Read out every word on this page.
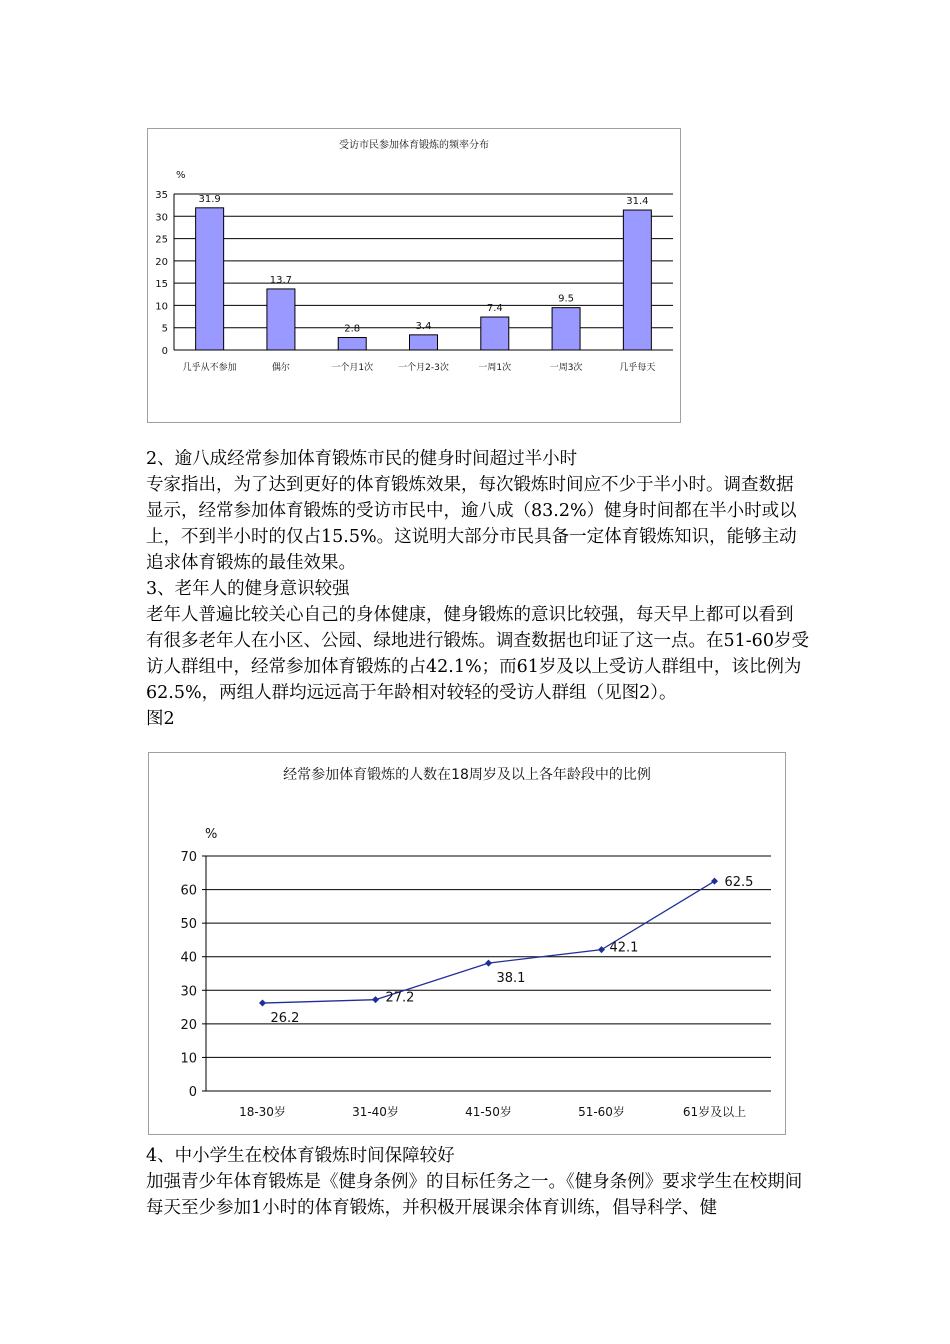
受访市民参加体育锻炼的频率分布
%
0
5
10
15
20
25
30
35	31.9
几乎从不参加
13.7
偶尔
2.8
一个月1次
3.4
一个月2-3次
7.4
一周1次
9.5
一周3次
31.4
几乎每天

2、逾八成经常参加体育锻炼市民的健身时间超过半小时

专家指出，为了达到更好的体育锻炼效果，每次锻炼时间应不少于半小时。调查数据显示，经常参加体育锻炼的受访市民中，逾八成（83.2%）健身时间都在半小时或以上，不到半小时的仅占15.5%。这说明大部分市民具备一定体育锻炼知识，能够主动追求体育锻炼的最佳效果。

3、老年人的健身意识较强

老年人普遍比较关心自己的身体健康，健身锻炼的意识比较强，每天早上都可以看到有很多老年人在小区、公园、绿地进行锻炼。调查数据也印证了这一点。在51-60岁受访人群组中，经常参加体育锻炼的占42.1%；而61岁及以上受访人群组中，该比例为62.5%，两组人群均远远高于年龄相对较轻的受访人群组（见图2）。

图2

经常参加体育锻炼的人数在18周岁及以上各年龄段中的比例
%
0
10
20
30
40
50
60
70
26.2
18-30岁
27.2
31-40岁
38.1
41-50岁
42.1
51-60岁
62.5
61岁及以上

4、中小学生在校体育锻炼时间保障较好

加强青少年体育锻炼是《健身条例》的目标任务之一。《健身条例》要求学生在校期间每天至少参加1小时的体育锻炼，并积极开展课余体育训练，倡导科学、健
